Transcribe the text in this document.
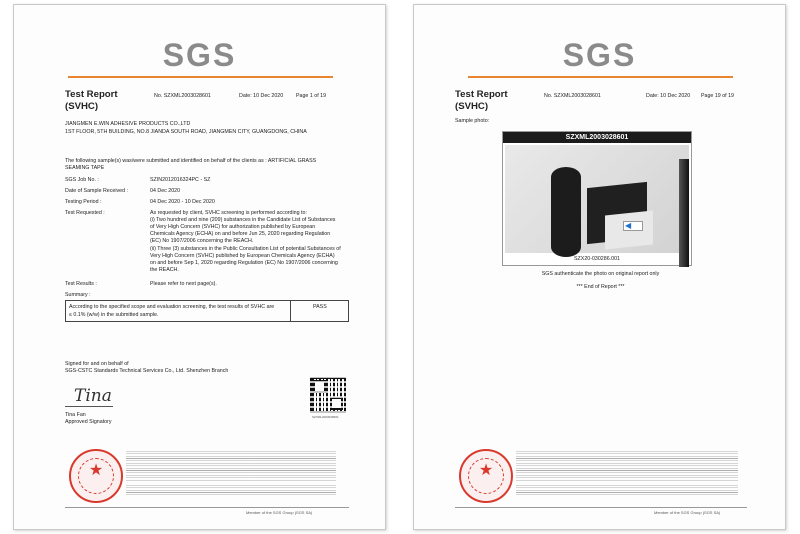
SGS
Test Report
(SVHC)
No. SZXML2003028601	Date: 10 Dec 2020 Page 1 of 19
JIANGMEN E.WIN ADHESIVE PRODUCTS CO.,LTD
1ST FLOOR, 5TH BUILDING, NO.8 JIANDA SOUTH ROAD, JIANGMEN CITY, GUANGDONG, CHINA
The following sample(s) was/were submitted and identified on behalf of the clients as : ARTIFICIAL GRASS
SEAMING TAPE
SGS Job No. :	SZIN2012016324PC - SZ
Date of Sample Received :	04 Dec 2020
Testing Period :	04 Dec 2020 - 10 Dec 2020
Test Requested :	As requested by client, SVHC screening is performed according to:
(i) Two hundred and nine (209) substances in the Candidate List of Substances
of Very High Concern (SVHC) for authorization published by European
Chemicals Agency (ECHA) on and before Jun 25, 2020 regarding Regulation
(EC) No 1907/2006 concerning the REACH.
(ii) Three (3) substances in the Public Consultation List of potential Substances of
Very High Concern (SVHC) published by European Chemicals Agency (ECHA)
on and before Sep 1, 2020 regarding Regulation (EC) No 1907/2006 concerning
the REACH.
Test Results :	Please refer to next page(s).
Summary :
According to the specified scope and evaluation screening, the test results of SVHC are
≤ 0.1% (w/w) in the submitted sample.
PASS
Signed for and on behalf of
SGS-CSTC Standards Technical Services Co., Ltd. Shenzhen Branch
Tina
Tina Fan
Approved Signatory
SZXML2003028601
★
Member of the SGS Group (SGS SA)
SGS
Test Report
(SVHC)
No. SZXML2003028601	Date: 10 Dec 2020 Page 19 of 19
Sample photo:
SZXML2003028601
◀
SZX20-030286.001
SGS authenticate the photo on original report only
*** End of Report ***
★
Member of the SGS Group (SGS SA)
